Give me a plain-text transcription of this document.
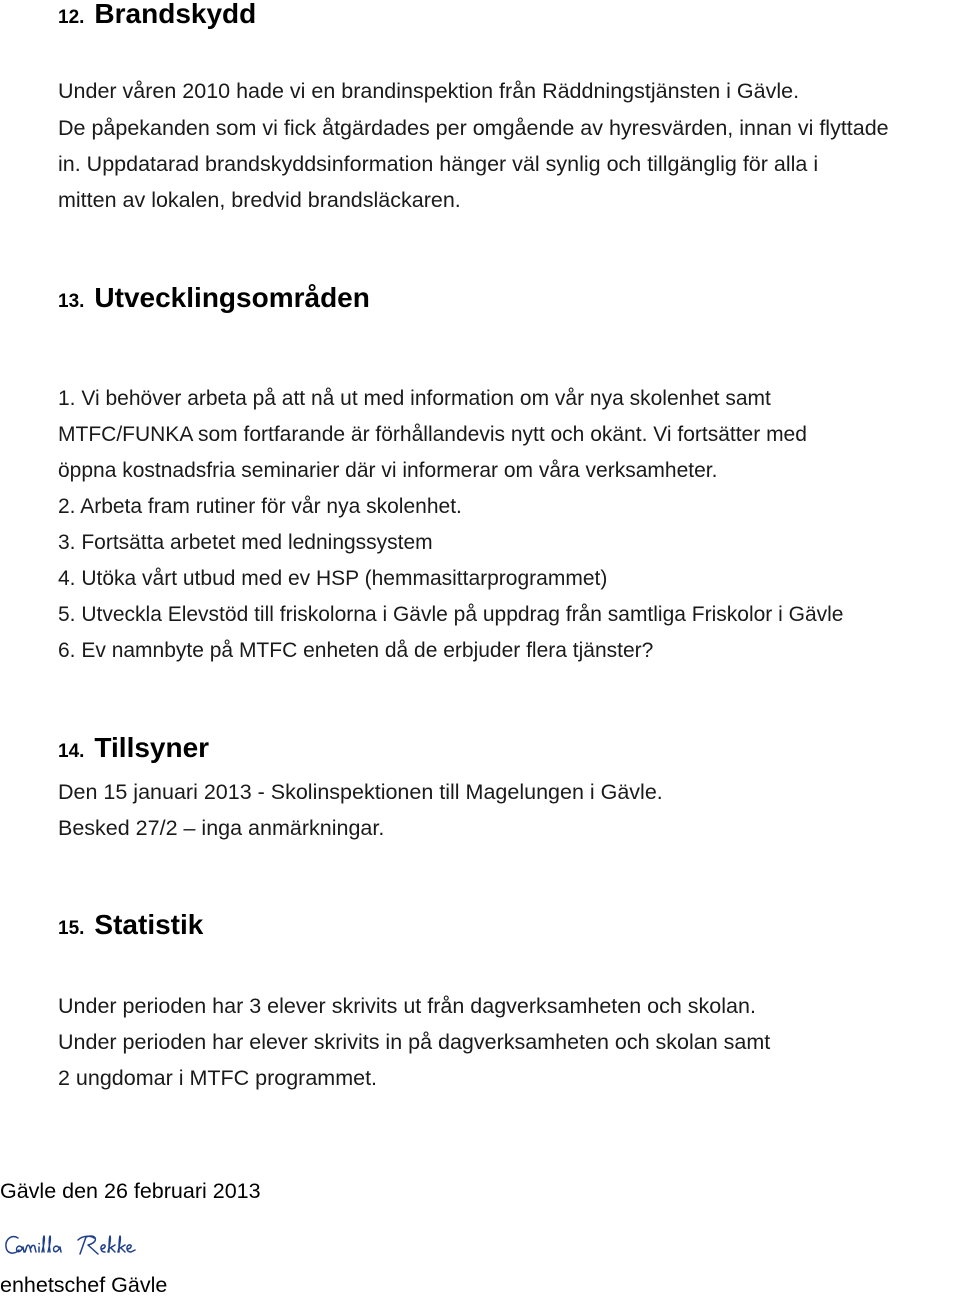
12. Brandskydd
Under våren 2010 hade vi en brandinspektion från Räddningstjänsten i Gävle.
De påpekanden som vi fick åtgärdades per omgående av hyresvärden, innan vi flyttade
in. Uppdatarad brandskyddsinformation hänger väl synlig och tillgänglig för alla i
mitten av lokalen, bredvid brandsläckaren.
13. Utvecklingsområden
1. Vi behöver arbeta på att nå ut med information om vår nya skolenhet samt
MTFC/FUNKA som fortfarande är förhållandevis nytt och okänt. Vi fortsätter med
öppna kostnadsfria seminarier där vi informerar om våra verksamheter.
2. Arbeta fram rutiner för vår nya skolenhet.
3. Fortsätta arbetet med ledningssystem
4. Utöka vårt utbud med ev HSP (hemmasittarprogrammet)
5. Utveckla Elevstöd till friskolorna i Gävle på uppdrag från samtliga Friskolor i Gävle
6. Ev namnbyte på MTFC enheten då de erbjuder flera tjänster?
14. Tillsyner
Den 15 januari 2013 - Skolinspektionen till Magelungen i Gävle.
Besked 27/2 – inga anmärkningar.
15. Statistik
Under perioden har 3 elever skrivits ut från dagverksamheten och skolan.
Under perioden har elever skrivits in på dagverksamheten och skolan samt
2 ungdomar i MTFC programmet.
Gävle den 26 februari 2013
enhetschef Gävle
